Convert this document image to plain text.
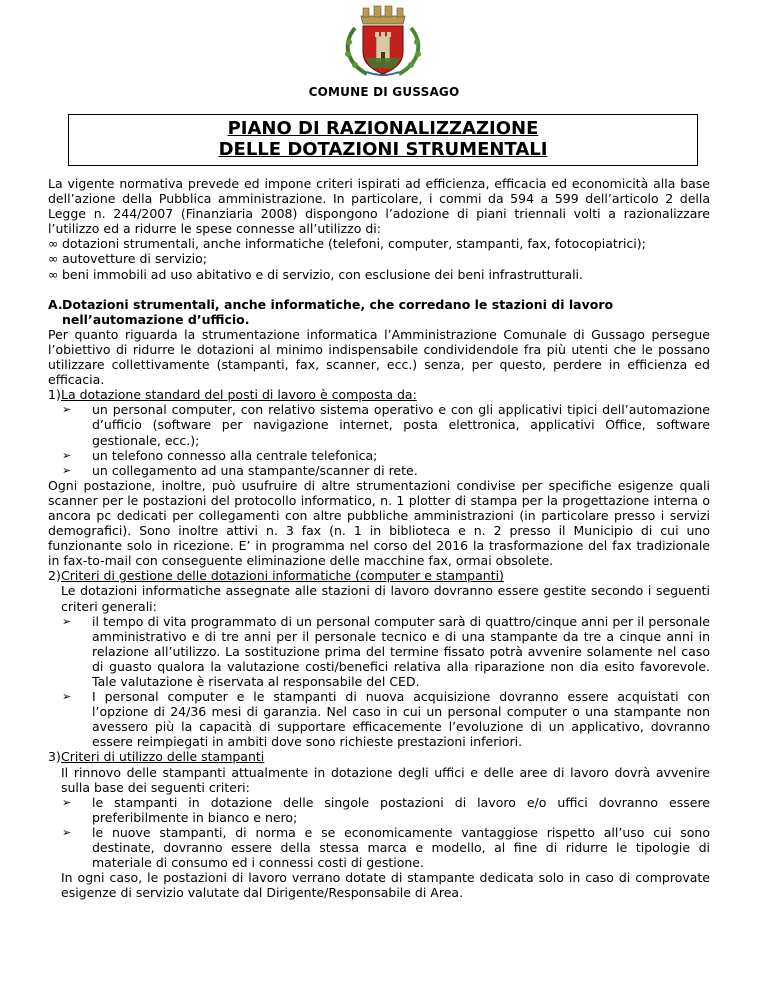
COMUNE DI GUSSAGO
PIANO DI RAZIONALIZZAZIONE
DELLE DOTAZIONI STRUMENTALI

La vigente normativa prevede ed impone criteri ispirati ad efficienza, efficacia ed economicità alla base dell’azione della Pubblica amministrazione. In particolare, i commi da 594 a 599 dell’articolo 2 della Legge n. 244/2007 (Finanziaria 2008) dispongono l’adozione di piani triennali volti a razionalizzare l’utilizzo ed a ridurre le spese connesse all’utilizzo di:

∞ dotazioni strumentali, anche informatiche (telefoni, computer, stampanti, fax, fotocopiatrici);
∞ autovetture di servizio;
∞ beni immobili ad uso abitativo e di servizio, con esclusione dei beni infrastrutturali.
A. Dotazioni strumentali, anche informatiche, che corredano le stazioni di lavoro nell’automazione d’ufficio.

Per quanto riguarda la strumentazione informatica l’Amministrazione Comunale di Gussago persegue l’obiettivo di ridurre le dotazioni al minimo indispensabile condividendole fra più utenti che le possano utilizzare collettivamente (stampanti, fax, scanner, ecc.) senza, per questo, perdere in efficienza ed efficacia.

1) La dotazione standard del posti di lavoro è composta da:
➢ un personal computer, con relativo sistema operativo e con gli applicativi tipici dell’automazione d’ufficio (software per navigazione internet, posta elettronica, applicativi Office, software gestionale, ecc.);
➢ un telefono connesso alla centrale telefonica;
➢ un collegamento ad una stampante/scanner di rete.

Ogni postazione, inoltre, può usufruire di altre strumentazioni condivise per specifiche esigenze quali scanner per le postazioni del protocollo informatico, n. 1 plotter di stampa per la progettazione interna o ancora pc dedicati per collegamenti con altre pubbliche amministrazioni (in particolare presso i servizi demografici). Sono inoltre attivi n. 3 fax (n. 1 in biblioteca e n. 2 presso il Municipio di cui uno funzionante solo in ricezione. E’ in programma nel corso del 2016 la trasformazione del fax tradizionale in fax-to-mail con conseguente eliminazione delle macchine fax, ormai obsolete.

2) Criteri di gestione delle dotazioni informatiche (computer e stampanti)
Le dotazioni informatiche assegnate alle stazioni di lavoro dovranno essere gestite secondo i seguenti criteri generali:
➢ il tempo di vita programmato di un personal computer sarà di quattro/cinque anni per il personale amministrativo e di tre anni per il personale tecnico e di una stampante da tre a cinque anni in relazione all’utilizzo. La sostituzione prima del termine fissato potrà avvenire solamente nel caso di guasto qualora la valutazione costi/benefici relativa alla riparazione non dia esito favorevole. Tale valutazione è riservata al responsabile del CED.
➢ I personal computer e le stampanti di nuova acquisizione dovranno essere acquistati con l’opzione di 24/36 mesi di garanzia. Nel caso in cui un personal computer o una stampante non avessero più la capacità di supportare efficacemente l’evoluzione di un applicativo, dovranno essere reimpiegati in ambiti dove sono richieste prestazioni inferiori.
3) Criteri di utilizzo delle stampanti
Il rinnovo delle stampanti attualmente in dotazione degli uffici e delle aree di lavoro dovrà avvenire sulla base dei seguenti criteri:
➢ le stampanti in dotazione delle singole postazioni di lavoro e/o uffici dovranno essere preferibilmente in bianco e nero;
➢ le nuove stampanti, di norma e se economicamente vantaggiose rispetto all’uso cui sono destinate, dovranno essere della stessa marca e modello, al fine di ridurre le tipologie di materiale di consumo ed i connessi costi di gestione.
In ogni caso, le postazioni di lavoro verrano dotate di stampante dedicata solo in caso di comprovate esigenze di servizio valutate dal Dirigente/Responsabile di Area.
